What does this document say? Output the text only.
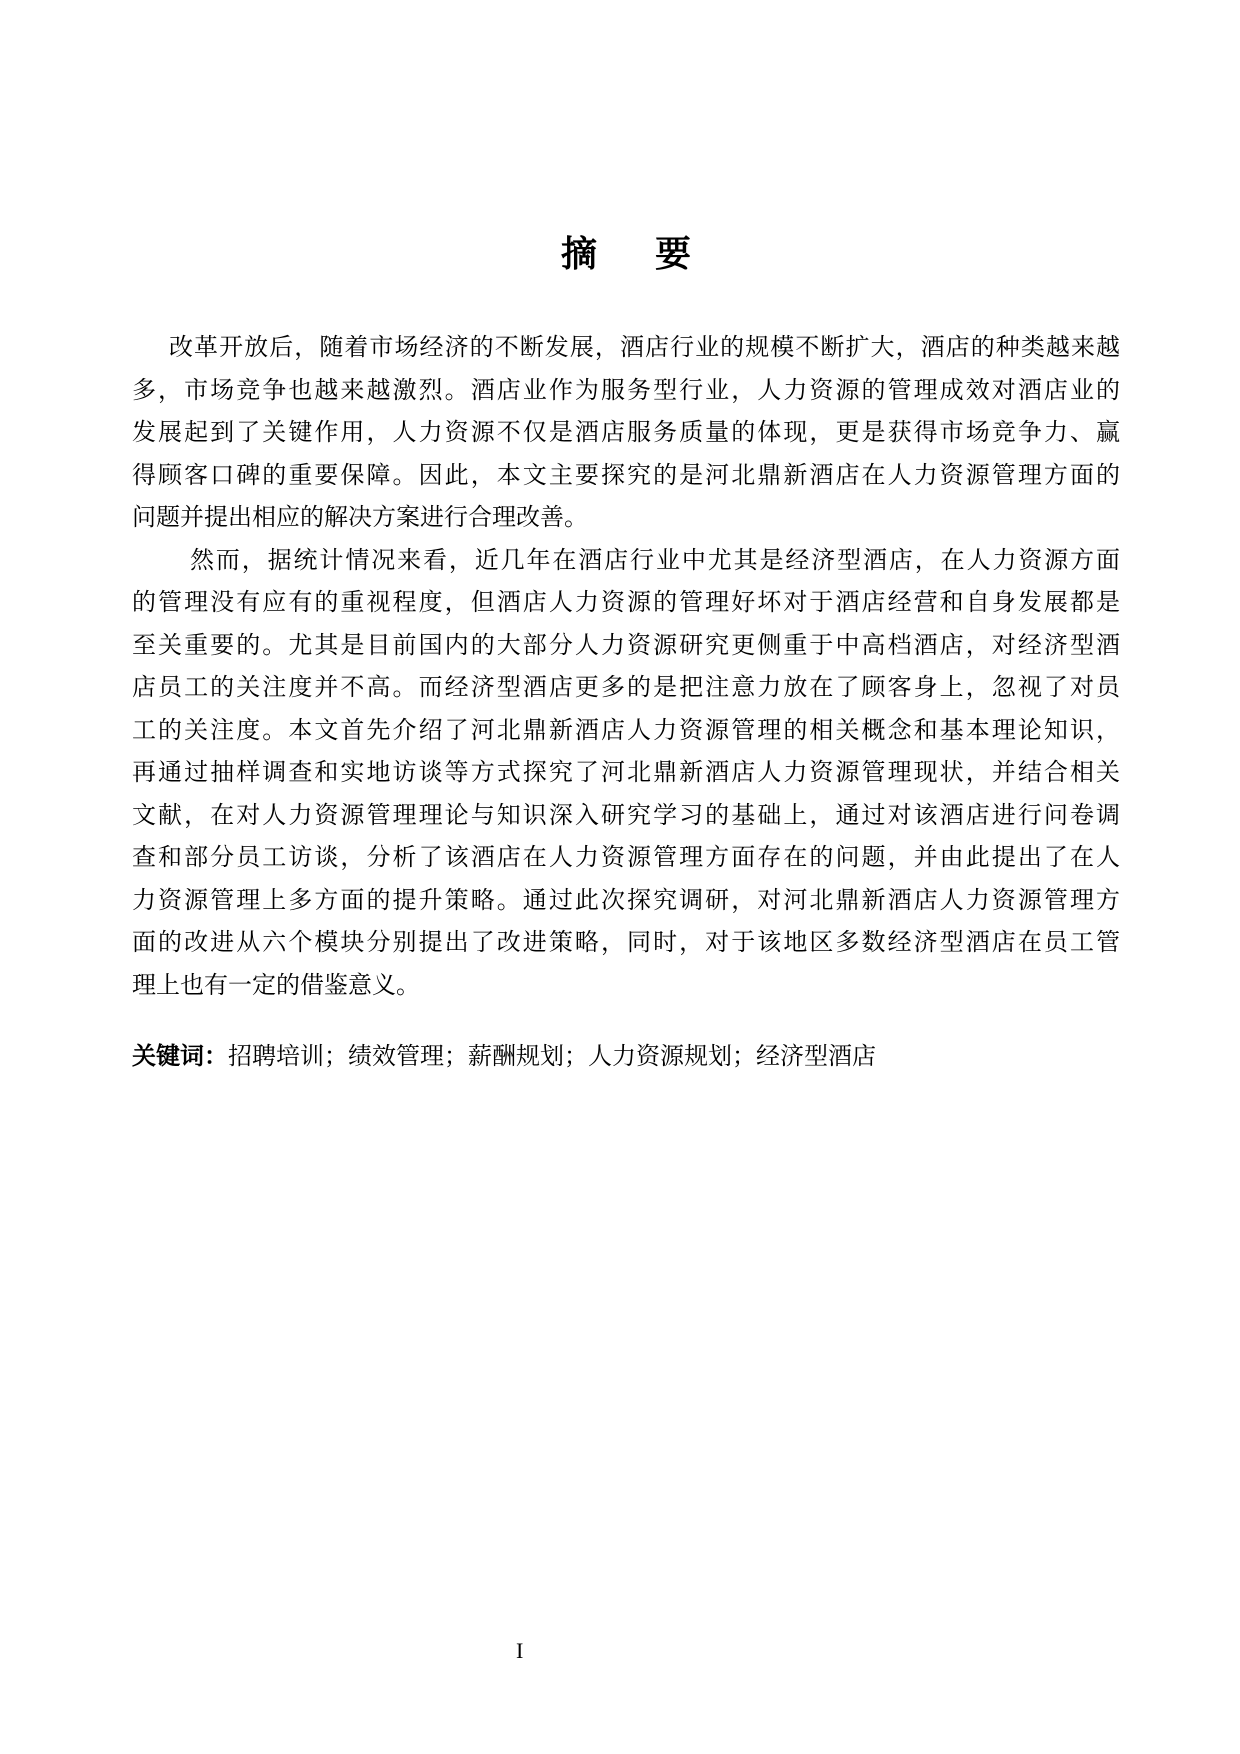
摘　要
改革开放后，随着市场经济的不断发展，酒店行业的规模不断扩大，酒店的种类越来越
多，市场竞争也越来越激烈。酒店业作为服务型行业，人力资源的管理成效对酒店业的
发展起到了关键作用，人力资源不仅是酒店服务质量的体现，更是获得市场竞争力、赢
得顾客口碑的重要保障。因此，本文主要探究的是河北鼎新酒店在人力资源管理方面的
问题并提出相应的解决方案进行合理改善。
然而，据统计情况来看，近几年在酒店行业中尤其是经济型酒店，在人力资源方面
的管理没有应有的重视程度，但酒店人力资源的管理好坏对于酒店经营和自身发展都是
至关重要的。尤其是目前国内的大部分人力资源研究更侧重于中高档酒店，对经济型酒
店员工的关注度并不高。而经济型酒店更多的是把注意力放在了顾客身上，忽视了对员
工的关注度。本文首先介绍了河北鼎新酒店人力资源管理的相关概念和基本理论知识，
再通过抽样调查和实地访谈等方式探究了河北鼎新酒店人力资源管理现状，并结合相关
文献，在对人力资源管理理论与知识深入研究学习的基础上，通过对该酒店进行问卷调
查和部分员工访谈，分析了该酒店在人力资源管理方面存在的问题，并由此提出了在人
力资源管理上多方面的提升策略。通过此次探究调研，对河北鼎新酒店人力资源管理方
面的改进从六个模块分别提出了改进策略，同时，对于该地区多数经济型酒店在员工管
理上也有一定的借鉴意义。
关键词：招聘培训；绩效管理；薪酬规划；人力资源规划；经济型酒店
I
